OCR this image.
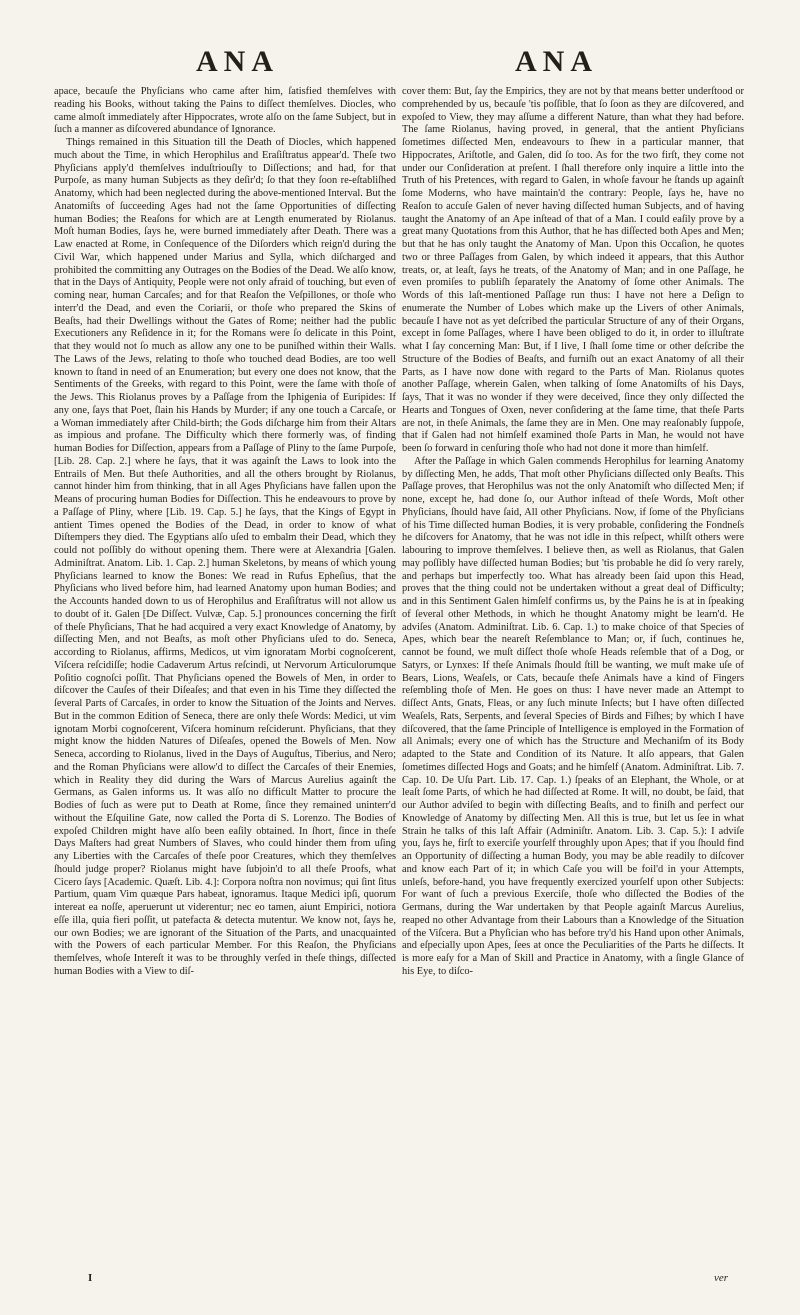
ANA	ANA

apace, becauſe the Phyſicians who came after him, ſatisfied themſelves with reading his Books, without taking the Pains to diſſect themſelves. Diocles, who came almoſt immediately after Hippocrates, wrote alſo on the ſame Subject, but in ſuch a manner as diſcovered abundance of Ignorance.

Things remained in this Situation till the Death of Diocles, which happened much about the Time, in which Herophilus and Eraſiſtratus appear'd. Theſe two Phyſicians apply'd themſelves induſtriouſly to Diſſections; and had, for that Purpoſe, as many human Subjects as they deſir'd; ſo that they ſoon re-eſtabliſhed Anatomy, which had been neglected during the above-mentioned Interval. But the Anatomiſts of ſucceeding Ages had not the ſame Opportunities of diſſecting human Bodies; the Reaſons for which are at Length enumerated by Riolanus. Moſt human Bodies, ſays he, were burned immediately after Death. There was a Law enacted at Rome, in Conſequence of the Diſorders which reign'd during the Civil War, which happened under Marius and Sylla, which diſcharged and prohibited the committing any Outrages on the Bodies of the Dead. We alſo know, that in the Days of Antiquity, People were not only afraid of touching, but even of coming near, human Carcaſes; and for that Reaſon the Veſpillones, or thoſe who interr'd the Dead, and even the Coriarii, or thoſe who prepared the Skins of Beaſts, had their Dwellings without the Gates of Rome; neither had the public Executioners any Reſidence in it; for the Romans were ſo delicate in this Point, that they would not ſo much as allow any one to be puniſhed within their Walls. The Laws of the Jews, relating to thoſe who touched dead Bodies, are too well known to ſtand in need of an Enumeration; but every one does not know, that the Sentiments of the Greeks, with regard to this Point, were the ſame with thoſe of the Jews. This Riolanus proves by a Paſſage from the Iphigenia of Euripides: If any one, ſays that Poet, ſlain his Hands by Murder; if any one touch a Carcaſe, or a Woman immediately after Child-birth; the Gods diſcharge him from their Altars as impious and profane. The Difficulty which there formerly was, of finding human Bodies for Diſſection, appears from a Paſſage of Pliny to the ſame Purpoſe, [Lib. 28. Cap. 2.] where he ſays, that it was againſt the Laws to look into the Entrails of Men. But theſe Authorities, and all the others brought by Riolanus, cannot hinder him from thinking, that in all Ages Phyſicians have fallen upon the Means of procuring human Bodies for Diſſection. This he endeavours to prove by a Paſſage of Pliny, where [Lib. 19. Cap. 5.] he ſays, that the Kings of Egypt in antient Times opened the Bodies of the Dead, in order to know of what Diſtempers they died. The Egyptians alſo uſed to embalm their Dead, which they could not poſſibly do without opening them. There were at Alexandria [Galen. Adminiſtrat. Anatom. Lib. 1. Cap. 2.] human Skeletons, by means of which young Phyſicians learned to know the Bones: We read in Rufus Epheſius, that the Phyſicians who lived before him, had learned Anatomy upon human Bodies; and the Accounts handed down to us of Herophilus and Eraſiſtratus will not allow us to doubt of it. Galen [De Diſſect. Vulvæ, Cap. 5.] pronounces concerning the firſt of theſe Phyſicians, That he had acquired a very exact Knowledge of Anatomy, by diſſecting Men, and not Beaſts, as moſt other Phyſicians uſed to do. Seneca, according to Riolanus, affirms, Medicos, ut vim ignoratam Morbi cognoſcerent, Viſcera reſcidiſſe; hodie Cadaverum Artus reſcindi, ut Nervorum Articulorumque Poſitio cognoſci poſſit. That Phyſicians opened the Bowels of Men, in order to diſcover the Cauſes of their Diſeaſes; and that even in his Time they diſſected the ſeveral Parts of Carcaſes, in order to know the Situation of the Joints and Nerves. But in the common Edition of Seneca, there are only theſe Words: Medici, ut vim ignotam Morbi cognoſcerent, Viſcera hominum reſciderunt. Phyſicians, that they might know the hidden Natures of Diſeaſes, opened the Bowels of Men. Now Seneca, according to Riolanus, lived in the Days of Auguſtus, Tiberius, and Nero; and the Roman Phyſicians were allow'd to diſſect the Carcaſes of their Enemies, which in Reality they did during the Wars of Marcus Aurelius againſt the Germans, as Galen informs us. It was alſo no difficult Matter to procure the Bodies of ſuch as were put to Death at Rome, ſince they remained uninterr'd without the Eſquiline Gate, now called the Porta di S. Lorenzo. The Bodies of expoſed Children might have alſo been eaſily obtained. In ſhort, ſince in theſe Days Maſters had great Numbers of Slaves, who could hinder them from uſing any Liberties with the Carcaſes of theſe poor Creatures, which they themſelves ſhould judge proper? Riolanus might have ſubjoin'd to all theſe Proofs, what Cicero ſays [Academic. Quæſt. Lib. 4.]: Corpora noſtra non novimus; qui ſint ſitus Partium, quam Vim quæque Pars habeat, ignoramus. Itaque Medici ipſi, quorum intereat ea noſſe, aperuerunt ut viderentur; nec eo tamen, aiunt Empirici, notiora eſſe illa, quia fieri poſſit, ut patefacta & detecta mutentur. We know not, ſays he, our own Bodies; we are ignorant of the Situation of the Parts, and unacquainted with the Powers of each particular Member. For this Reaſon, the Phyſicians themſelves, whoſe Intereſt it was to be throughly verſed in theſe things, diſſected human Bodies with a View to diſ-

cover them: But, ſay the Empirics, they are not by that means better underſtood or comprehended by us, becauſe 'tis poſſible, that ſo ſoon as they are diſcovered, and expoſed to View, they may aſſume a different Nature, than what they had before. The ſame Riolanus, having proved, in general, that the antient Phyſicians ſometimes diſſected Men, endeavours to ſhew in a particular manner, that Hippocrates, Ariſtotle, and Galen, did ſo too. As for the two firſt, they come not under our Conſideration at preſent. I ſhall therefore only inquire a little into the Truth of his Pretences, with regard to Galen, in whoſe favour he ſtands up againſt ſome Moderns, who have maintain'd the contrary: People, ſays he, have no Reaſon to accuſe Galen of never having diſſected human Subjects, and of having taught the Anatomy of an Ape inſtead of that of a Man. I could eaſily prove by a great many Quotations from this Author, that he has diſſected both Apes and Men; but that he has only taught the Anatomy of Man. Upon this Occaſion, he quotes two or three Paſſages from Galen, by which indeed it appears, that this Author treats, or, at leaſt, ſays he treats, of the Anatomy of Man; and in one Paſſage, he even promiſes to publiſh ſeparately the Anatomy of ſome other Animals. The Words of this laſt-mentioned Paſſage run thus: I have not here a Deſign to enumerate the Number of Lobes which make up the Livers of other Animals, becauſe I have not as yet deſcribed the particular Structure of any of their Organs, except in ſome Paſſages, where I have been obliged to do it, in order to illuſtrate what I ſay concerning Man: But, if I live, I ſhall ſome time or other deſcribe the Structure of the Bodies of Beaſts, and furniſh out an exact Anatomy of all their Parts, as I have now done with regard to the Parts of Man. Riolanus quotes another Paſſage, wherein Galen, when talking of ſome Anatomiſts of his Days, ſays, That it was no wonder if they were deceived, ſince they only diſſected the Hearts and Tongues of Oxen, never conſidering at the ſame time, that theſe Parts are not, in theſe Animals, the ſame they are in Men. One may reaſonably ſuppoſe, that if Galen had not himſelf examined thoſe Parts in Man, he would not have been ſo forward in cenſuring thoſe who had not done it more than himſelf.

After the Paſſage in which Galen commends Herophilus for learning Anatomy by diſſecting Men, he adds, That moſt other Phyſicians diſſected only Beaſts. This Paſſage proves, that Herophilus was not the only Anatomiſt who diſſected Men; if none, except he, had done ſo, our Author inſtead of theſe Words, Moſt other Phyſicians, ſhould have ſaid, All other Phyſicians. Now, if ſome of the Phyſicians of his Time diſſected human Bodies, it is very probable, conſidering the Fondneſs he diſcovers for Anatomy, that he was not idle in this reſpect, whilſt others were labouring to improve themſelves. I believe then, as well as Riolanus, that Galen may poſſibly have diſſected human Bodies; but 'tis probable he did ſo very rarely, and perhaps but imperfectly too. What has already been ſaid upon this Head, proves that the thing could not be undertaken without a great deal of Difficulty; and in this Sentiment Galen himſelf confirms us, by the Pains he is at in ſpeaking of ſeveral other Methods, in which he thought Anatomy might be learn'd. He adviſes (Anatom. Adminiſtrat. Lib. 6. Cap. 1.) to make choice of that Species of Apes, which bear the neareſt Reſemblance to Man; or, if ſuch, continues he, cannot be found, we muſt diſſect thoſe whoſe Heads reſemble that of a Dog, or Satyrs, or Lynxes: If theſe Animals ſhould ſtill be wanting, we muſt make uſe of Bears, Lions, Weaſels, or Cats, becauſe theſe Animals have a kind of Fingers reſembling thoſe of Men. He goes on thus: I have never made an Attempt to diſſect Ants, Gnats, Fleas, or any ſuch minute Inſects; but I have often diſſected Weaſels, Rats, Serpents, and ſeveral Species of Birds and Fiſhes; by which I have diſcovered, that the ſame Principle of Intelligence is employed in the Formation of all Animals; every one of which has the Structure and Mechaniſm of its Body adapted to the State and Condition of its Nature. It alſo appears, that Galen ſometimes diſſected Hogs and Goats; and he himſelf (Anatom. Adminiſtrat. Lib. 7. Cap. 10. De Uſu Part. Lib. 17. Cap. 1.) ſpeaks of an Elephant, the Whole, or at leaſt ſome Parts, of which he had diſſected at Rome. It will, no doubt, be ſaid, that our Author adviſed to begin with diſſecting Beaſts, and to finiſh and perfect our Knowledge of Anatomy by diſſecting Men. All this is true, but let us ſee in what Strain he talks of this laſt Affair (Adminiſtr. Anatom. Lib. 3. Cap. 5.): I adviſe you, ſays he, firſt to exerciſe yourſelf throughly upon Apes; that if you ſhould find an Opportunity of diſſecting a human Body, you may be able readily to diſcover and know each Part of it; in which Caſe you will be foil'd in your Attempts, unleſs, before-hand, you have frequently exercized yourſelf upon other Subjects: For want of ſuch a previous Exerciſe, thoſe who diſſected the Bodies of the Germans, during the War undertaken by that People againſt Marcus Aurelius, reaped no other Advantage from their Labours than a Knowledge of the Situation of the Viſcera. But a Phyſician who has before try'd his Hand upon other Animals, and eſpecially upon Apes, ſees at once the Peculiarities of the Parts he diſſects. It is more eaſy for a Man of Skill and Practice in Anatomy, with a ſingle Glance of his Eye, to diſco-

I	ver
